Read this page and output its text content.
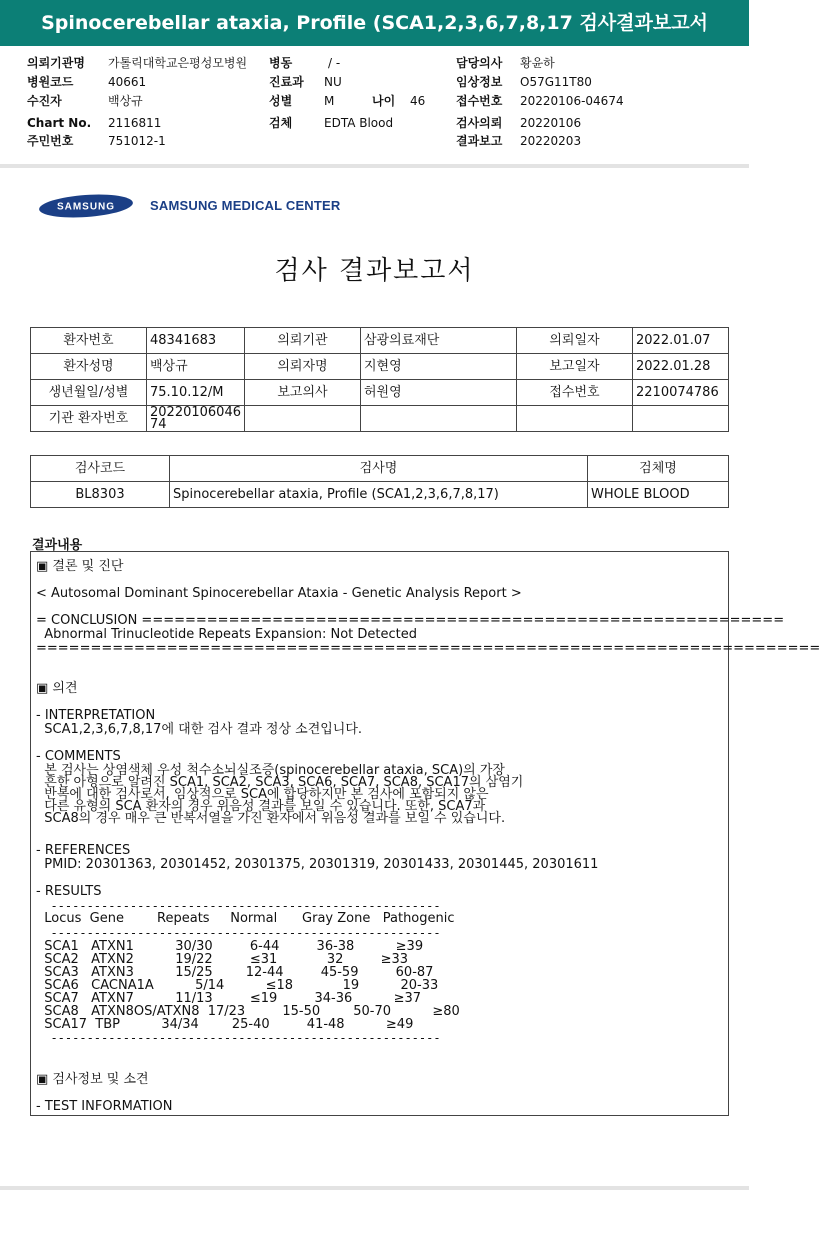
Spinocerebellar ataxia, Profile (SCA1,2,3,6,7,8,17 검사결과보고서
의뢰기관명 가톨릭대학교은평성모병원 병동	/ -	담당의사 황윤하
병원코드	40661	진료과 NU	임상정보 O57G11T80
수진자	백상규	성별	M	나이 46	접수번호 20220106-04674
Chart No. 2116811	검체	EDTA Blood	검사의뢰 20220106
주민번호	751012-1	결과보고 20220203
SAMSUNG	SAMSUNG MEDICAL CENTER
검사 결과보고서
환자번호	48341683	의뢰기관	삼광의료재단	의뢰일자	2022.01.07
환자성명	백상규	의뢰자명	지현영	보고일자	2022.01.28
생년월일/성별	75.10.12/M	보고의사	허원영	접수번호	2210074786
기관 환자번호	20220106046
74				
검사코드	검사명	검체명
BL8303	Spinocerebellar ataxia, Profile (SCA1,2,3,6,7,8,17)	WHOLE BLOOD
결과내용
▣ 결론 및 진단
< Autosomal Dominant Spinocerebellar Ataxia - Genetic Analysis Report >
= CONCLUSION ===========================================================
Abnormal Trinucleotide Repeats Expansion: Not Detected
========================================================================
▣ 의견
- INTERPRETATION
SCA1,2,3,6,7,8,17에 대한 검사 결과 정상 소견입니다.
- COMMENTS
본 검사는 상염색체 우성 척수소뇌실조증(spinocerebellar ataxia, SCA)의 가장
흔한 아형으로 알려진 SCA1, SCA2, SCA3, SCA6, SCA7, SCA8, SCA17의 삼염기
반복에 대한 검사로서, 임상적으로 SCA에 합당하지만 본 검사에 포함되지 않은
다른 유형의 SCA 환자의 경우 위음성 결과를 보일 수 있습니다. 또한, SCA7과
SCA8의 경우 매우 큰 반복서열을 가진 환자에서 위음성 결과를 보일 수 있습니다.
- REFERENCES
PMID: 20301363, 20301452, 20301375, 20301319, 20301433, 20301445, 20301611
- RESULTS
------------------------------------------------------
Locus  Gene        Repeats     Normal      Gray Zone   Pathogenic
------------------------------------------------------
SCA1   ATXN1          30/30         6-44         36-38          ≥39
SCA2   ATXN2          19/22         ≤31            32         ≥33
SCA3   ATXN3          15/25        12-44         45-59         60-87
SCA6   CACNA1A          5/14          ≤18            19          20-33
SCA7   ATXN7          11/13         ≤19         34-36          ≥37
SCA8   ATXN8OS/ATXN8  17/23         15-50        50-70          ≥80
SCA17  TBP          34/34        25-40         41-48          ≥49
------------------------------------------------------
▣ 검사정보 및 소견
- TEST INFORMATION
